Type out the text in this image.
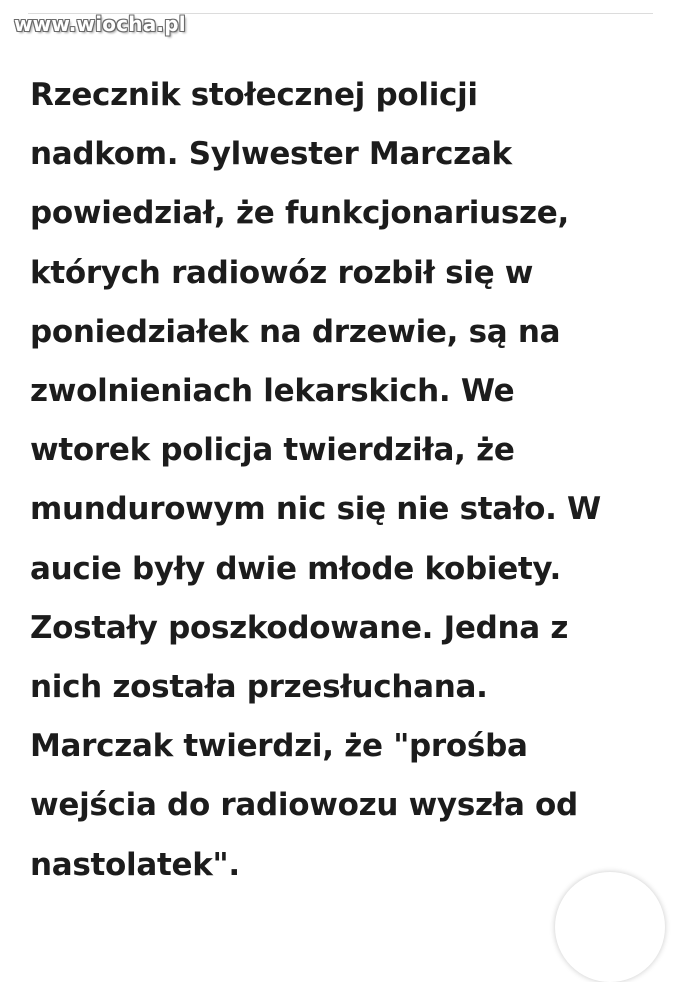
www.wiocha.pl
Rzecznik stołecznej policji
nadkom. Sylwester Marczak
powiedział, że funkcjonariusze,
których radiowóz rozbił się w
poniedziałek na drzewie, są na
zwolnieniach lekarskich. We
wtorek policja twierdziła, że
mundurowym nic się nie stało. W
aucie były dwie młode kobiety.
Zostały poszkodowane. Jedna z
nich została przesłuchana.
Marczak twierdzi, że "prośba
wejścia do radiowozu wyszła od
nastolatek".
